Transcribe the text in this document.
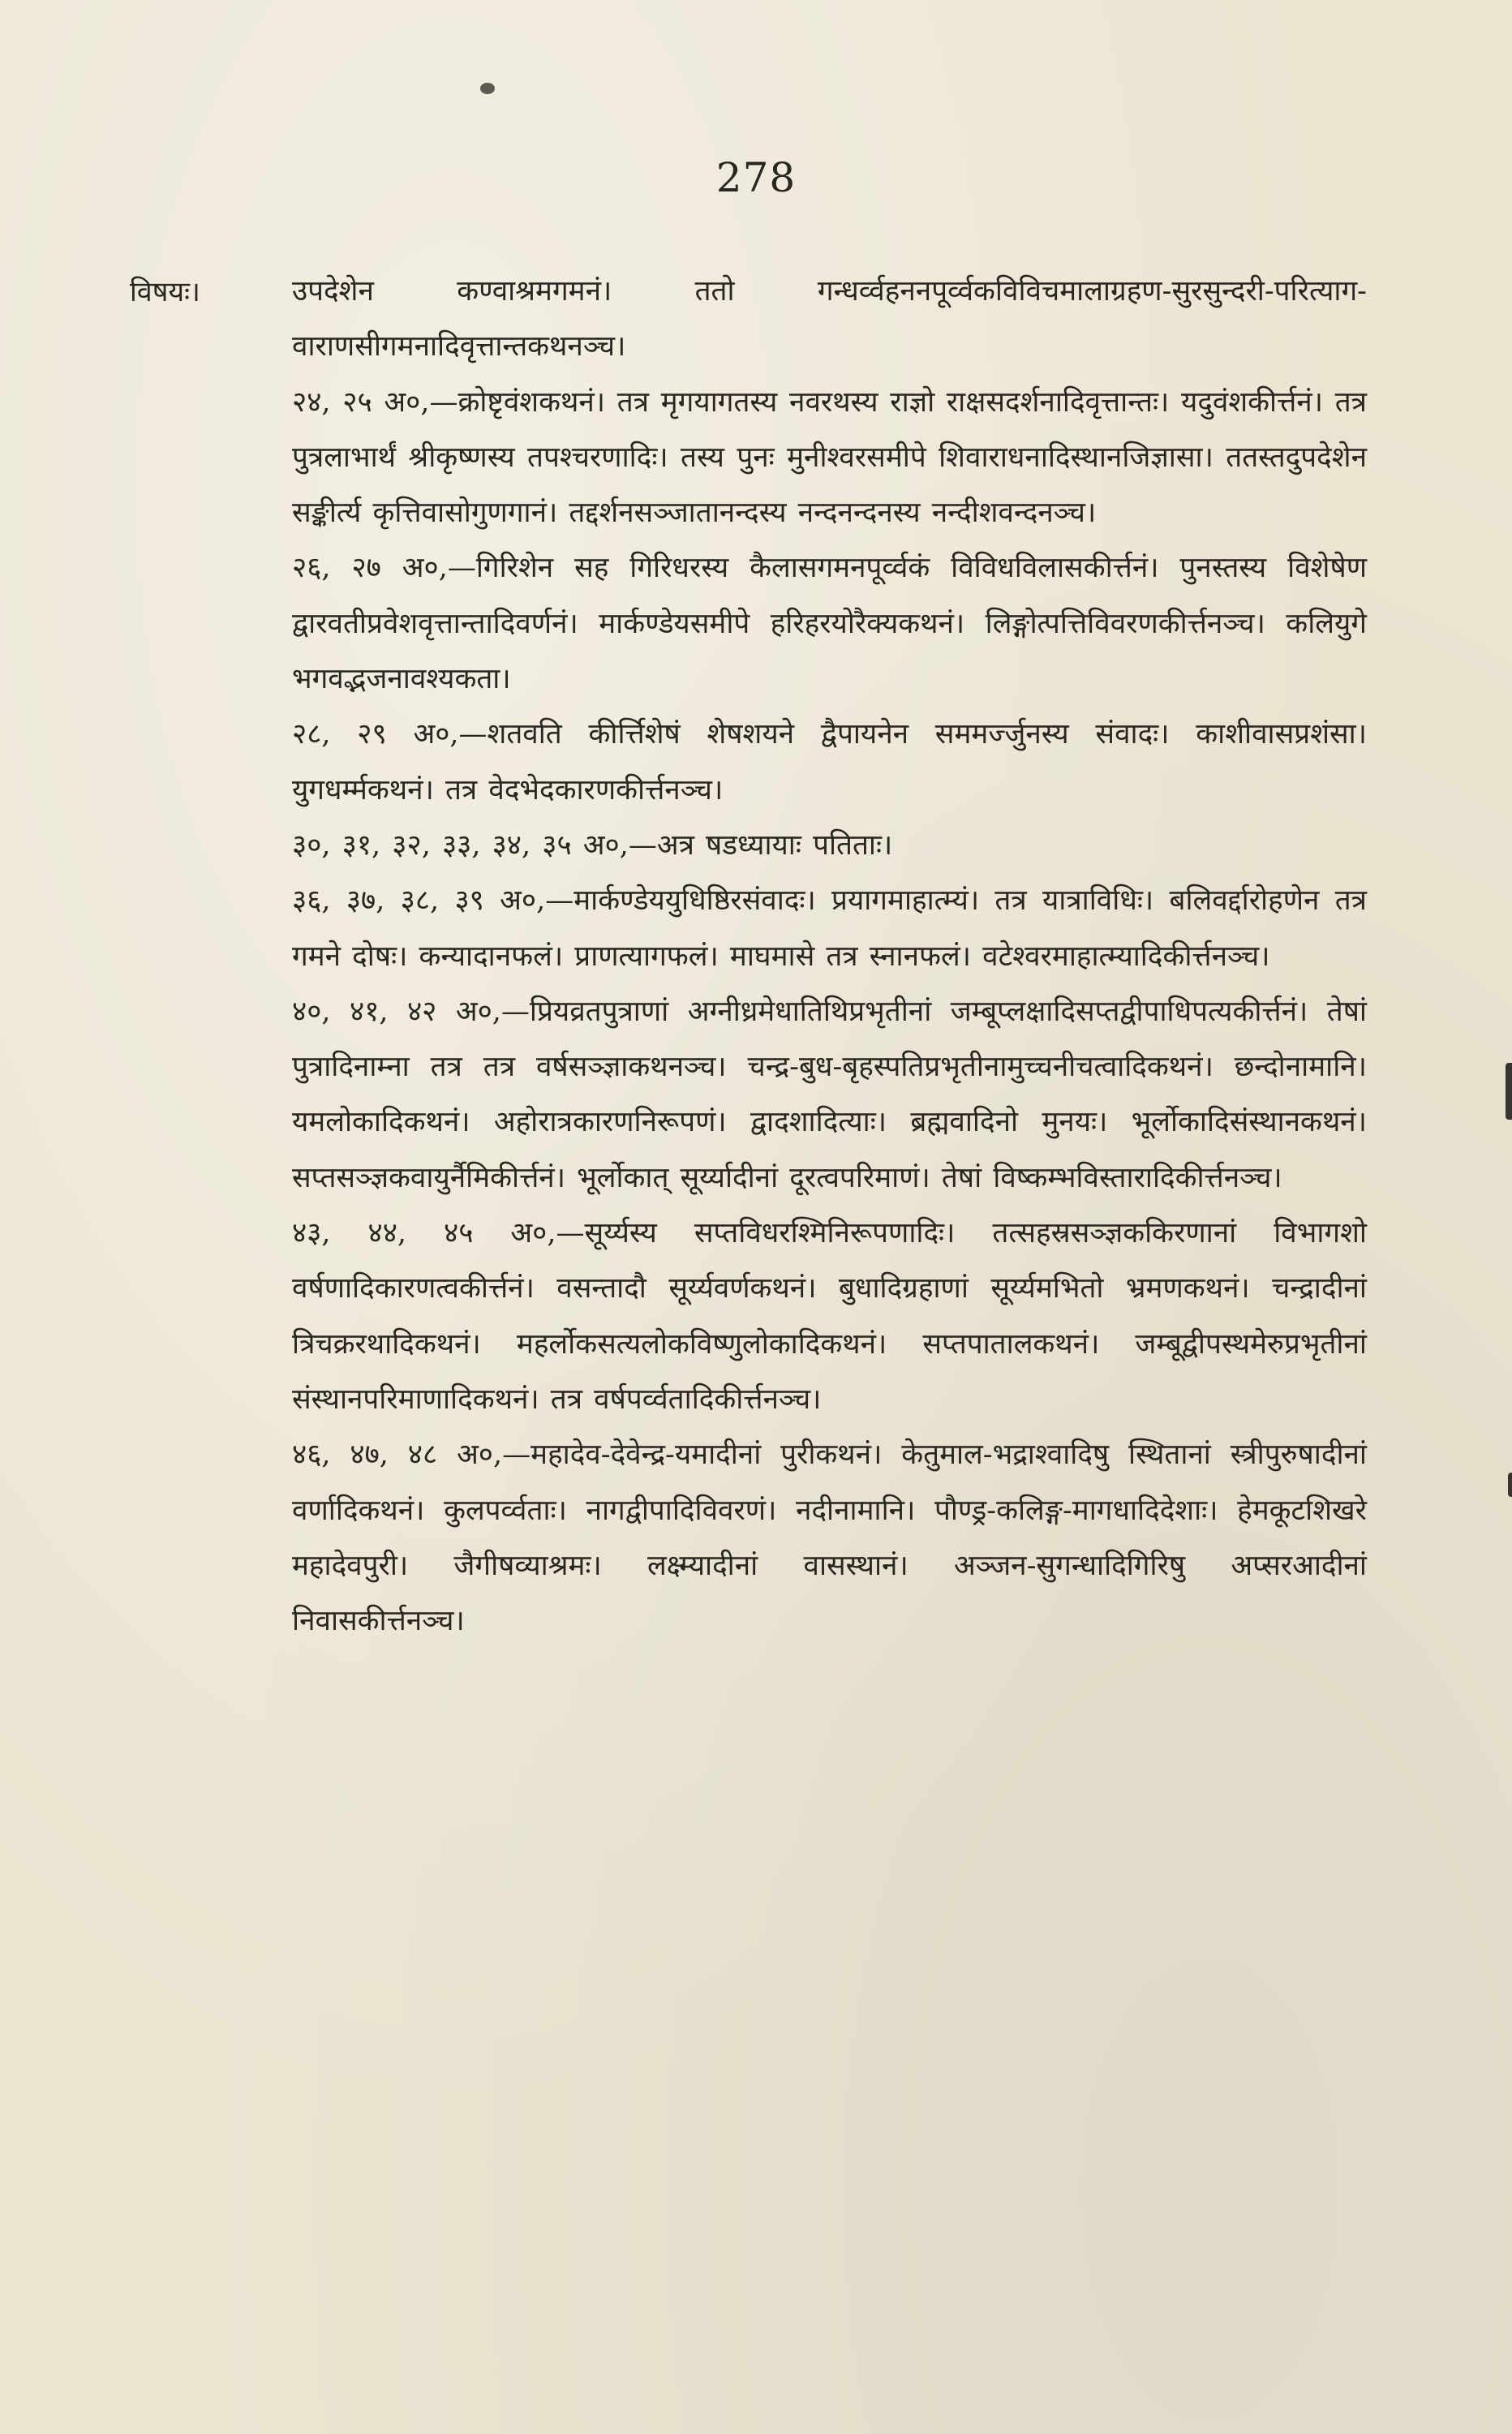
278
विषयः।	उपदेशेन कण्वाश्रमगमनं। ततो गन्धर्व्वहननपूर्व्वकविविचमालाग्रहण-सुरसुन्दरी-परित्याग-वाराणसीगमनादिवृत्तान्तकथनञ्च।

२४, २५ अ०,—क्रोष्टृवंशकथनं। तत्र मृगयागतस्य नवरथस्य राज्ञो राक्षसदर्शनादिवृत्तान्तः। यदुवंशकीर्त्तनं। तत्र पुत्रलाभार्थं श्रीकृष्णस्य तपश्चरणादिः। तस्य पुनः मुनीश्वरसमीपे शिवाराधनादिस्थानजिज्ञासा। ततस्तदुपदेशेन सङ्कीर्त्य कृत्तिवासोगुणगानं। तद्दर्शनसञ्जातानन्दस्य नन्दनन्दनस्य नन्दीशवन्दनञ्च।

२६, २७ अ०,—गिरिशेन सह गिरिधरस्य कैलासगमनपूर्व्वकं विविधविलासकीर्त्तनं। पुनस्तस्य विशेषेण द्वारवतीप्रवेशवृत्तान्तादिवर्णनं। मार्कण्डेयसमीपे हरिहरयोरैक्यकथनं। लिङ्गोत्पत्तिविवरणकीर्त्तनञ्च। कलियुगे भगवद्भजनावश्यकता।

२८, २९ अ०,—शतवति कीर्त्तिशेषं शेषशयने द्वैपायनेन सममर्ज्जुनस्य संवादः। काशीवासप्रशंसा। युगधर्म्मकथनं। तत्र वेदभेदकारणकीर्त्तनञ्च।

३०, ३१, ३२, ३३, ३४, ३५ अ०,—अत्र षडध्यायाः पतिताः।

३६, ३७, ३८, ३९ अ०,—मार्कण्डेययुधिष्ठिरसंवादः। प्रयागमाहात्म्यं। तत्र यात्राविधिः। बलिवर्द्दारोहणेन तत्र गमने दोषः। कन्यादानफलं। प्राणत्यागफलं। माघमासे तत्र स्नानफलं। वटेश्वरमाहात्म्यादिकीर्त्तनञ्च।

४०, ४१, ४२ अ०,—प्रियव्रतपुत्राणां अग्नीध्रमेधातिथिप्रभृतीनां जम्बूप्लक्षादिसप्तद्वीपाधिपत्यकीर्त्तनं। तेषां पुत्रादिनाम्ना तत्र तत्र वर्षसञ्ज्ञाकथनञ्च। चन्द्र-बुध-बृहस्पतिप्रभृतीनामुच्चनीचत्वादिकथनं। छन्दोनामानि। यमलोकादिकथनं। अहोरात्रकारणनिरूपणं। द्वादशादित्याः। ब्रह्मवादिनो मुनयः। भूर्लोकादिसंस्थानकथनं। सप्तसञ्ज्ञकवायुर्नैमिकीर्त्तनं। भूर्लोकात् सूर्य्यादीनां दूरत्वपरिमाणं। तेषां विष्कम्भविस्तारादिकीर्त्तनञ्च।

४३, ४४, ४५ अ०,—सूर्य्यस्य सप्तविधरश्मिनिरूपणादिः। तत्सहस्रसञ्ज्ञककिरणानां विभागशो वर्षणादिकारणत्वकीर्त्तनं। वसन्तादौ सूर्य्यवर्णकथनं। बुधादिग्रहाणां सूर्य्यमभितो भ्रमणकथनं। चन्द्रादीनां त्रिचक्ररथादिकथनं। महर्लोकसत्यलोकविष्णुलोकादिकथनं। सप्तपातालकथनं। जम्बूद्वीपस्थमेरुप्रभृतीनां संस्थानपरिमाणादिकथनं। तत्र वर्षपर्व्वतादिकीर्त्तनञ्च।

४६, ४७, ४८ अ०,—महादेव-देवेन्द्र-यमादीनां पुरीकथनं। केतुमाल-भद्राश्वादिषु स्थितानां स्त्रीपुरुषादीनां वर्णादिकथनं। कुलपर्व्वताः। नागद्वीपादिविवरणं। नदीनामानि। पौण्ड्र-कलिङ्ग-मागधादिदेशाः। हेमकूटशिखरे महादेवपुरी। जैगीषव्याश्रमः। लक्ष्म्यादीनां वासस्थानं। अञ्जन-सुगन्धादिगिरिषु अप्सरआदीनां निवासकीर्त्तनञ्च।
